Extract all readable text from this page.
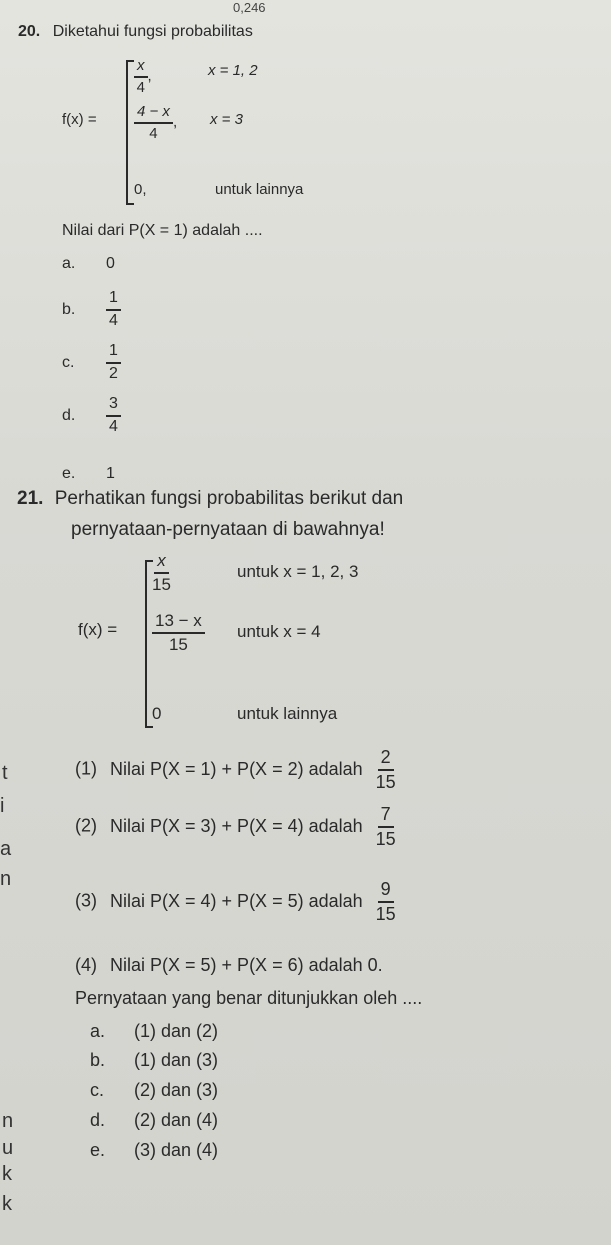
0,246
20. Diketahui fungsi probabilitas
f(x) =
$\frac{x}{4}$ ,	x = 1, 2
$\frac{4 - x}{4}$ , x = 3
0,	untuk lainnya
Nilai dari P(X = 1) adalah ....
a. 0
b. $\frac{1}{4}$
c. $\frac{1}{2}$
d. $\frac{3}{4}$
e. 1
21. Perhatikan fungsi probabilitas berikut dan
pernyataan-pernyataan di bawahnya!
f(x) =
$\frac{x}{15}$	untuk x = 1, 2, 3
$\frac{13 - x}{15}$ untuk x = 4
0	untuk lainnya
(1) Nilai P(X = 1) + P(X = 2) adalah $\frac{2}{15}$
(2) Nilai P(X = 3) + P(X = 4) adalah $\frac{7}{15}$
(3) Nilai P(X = 4) + P(X = 5) adalah $\frac{9}{15}$
(4) Nilai P(X = 5) + P(X = 6) adalah 0.
Pernyataan yang benar ditunjukkan oleh ....
a. (1) dan (2)
b. (1) dan (3)
c. (2) dan (3)
d. (2) dan (4)
e. (3) dan (4)
t
i
a
n
n
u
k
k
